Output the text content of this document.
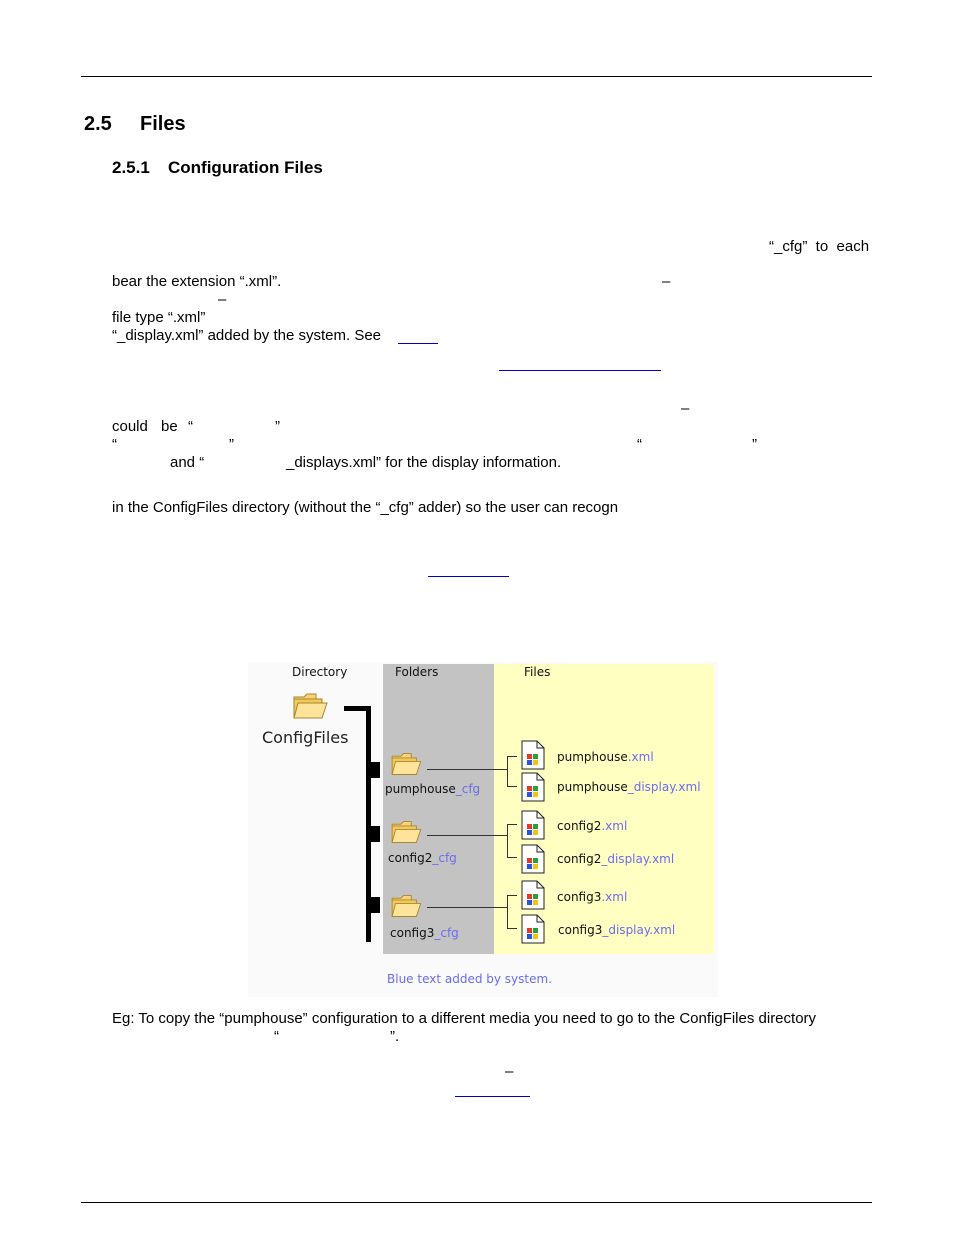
2.5 Files
2.5.1 Configuration Files
“_cfg”  to  each
bear the extension “.xml”.	–
–
file type “.xml”
“_display.xml” added by the system. See
–
could be “	”
“	”	“	”
and “	_displays.xml” for the display information.
in the ConfigFiles directory (without the “_cfg” adder) so the user can recogn
Directory	Folders	Files
ConfigFiles
pumphouse_cfg
config2_cfg
config3_cfg
pumphouse.xml
pumphouse_display.xml
config2.xml
config2_display.xml
config3.xml
config3_display.xml
Blue text added by system.
Eg: To copy the “pumphouse” configuration to a different media you need to go to the ConfigFiles directory
“	”.
–
